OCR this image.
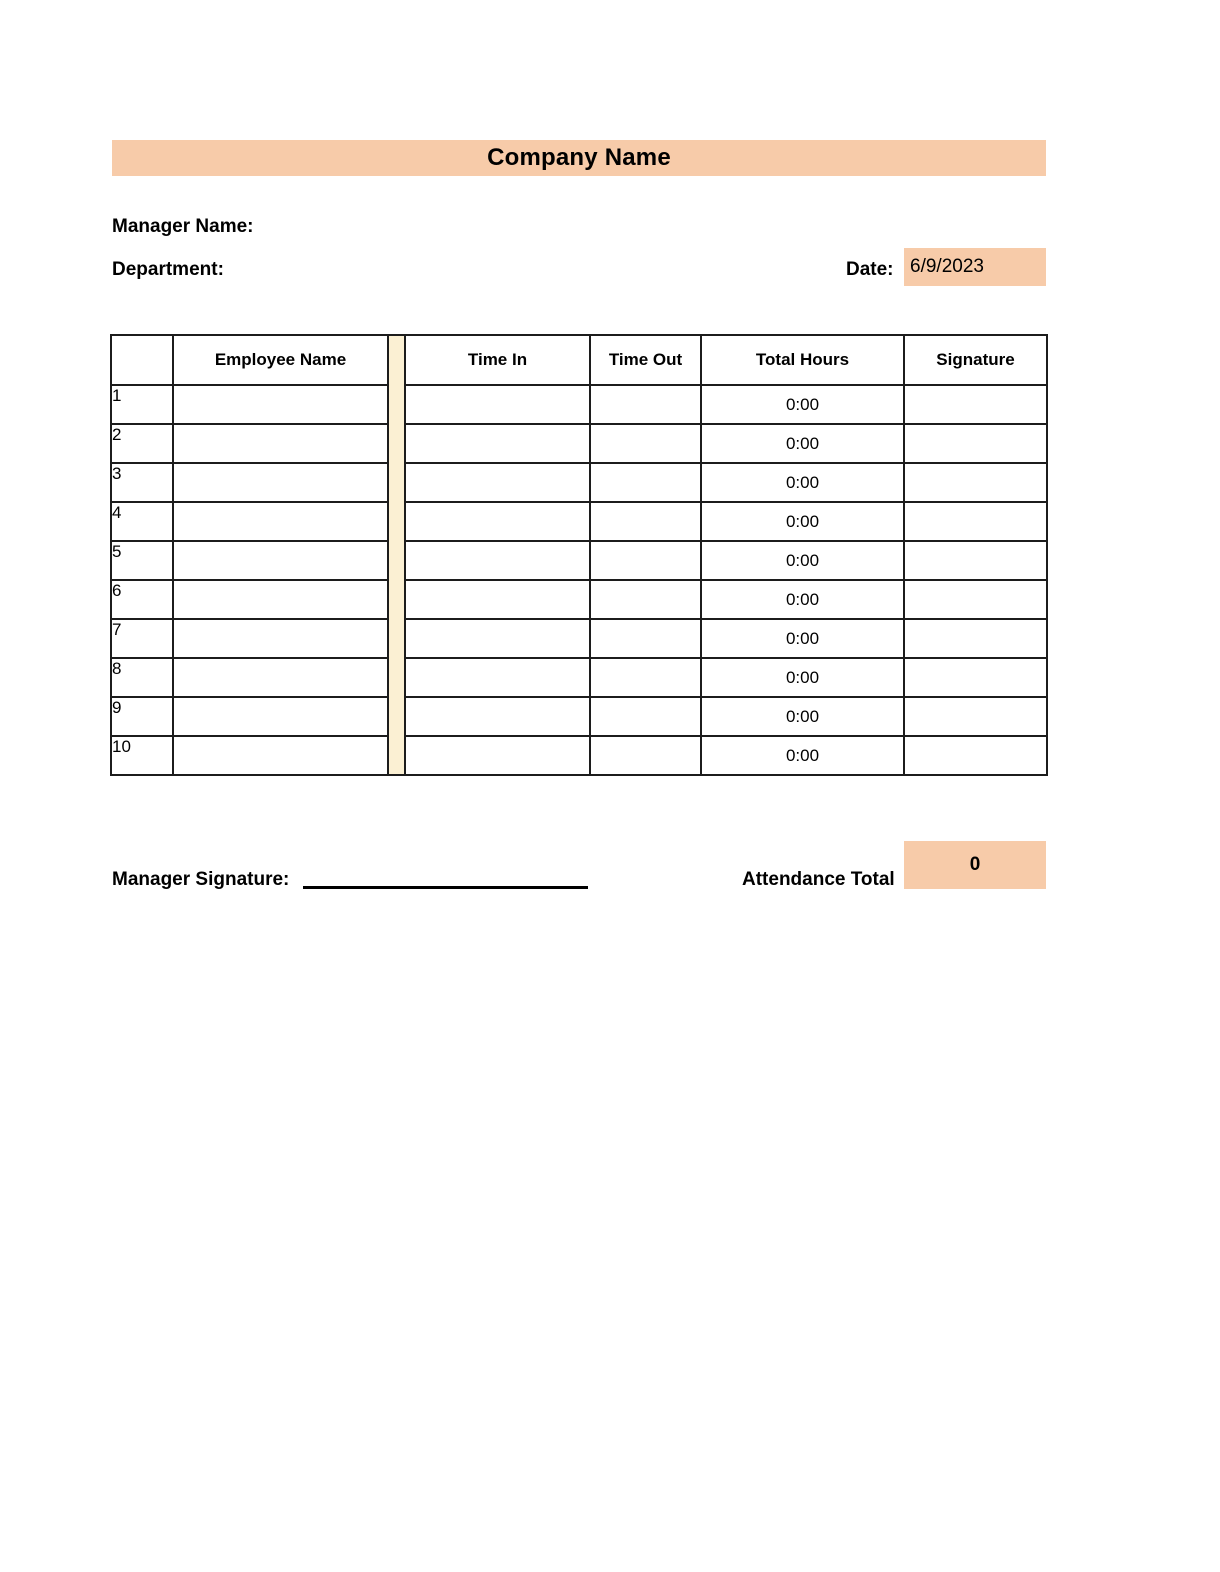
Company Name
Manager Name:
Department:	Date: 6/9/2023
	Employee Name		Time In	Time Out	Total Hours	Signature
1					0:00	
2					0:00	
3					0:00	
4					0:00	
5					0:00	
6					0:00	
7					0:00	
8					0:00	
9					0:00	
10					0:00	
Manager Signature:	Attendance Total
0
